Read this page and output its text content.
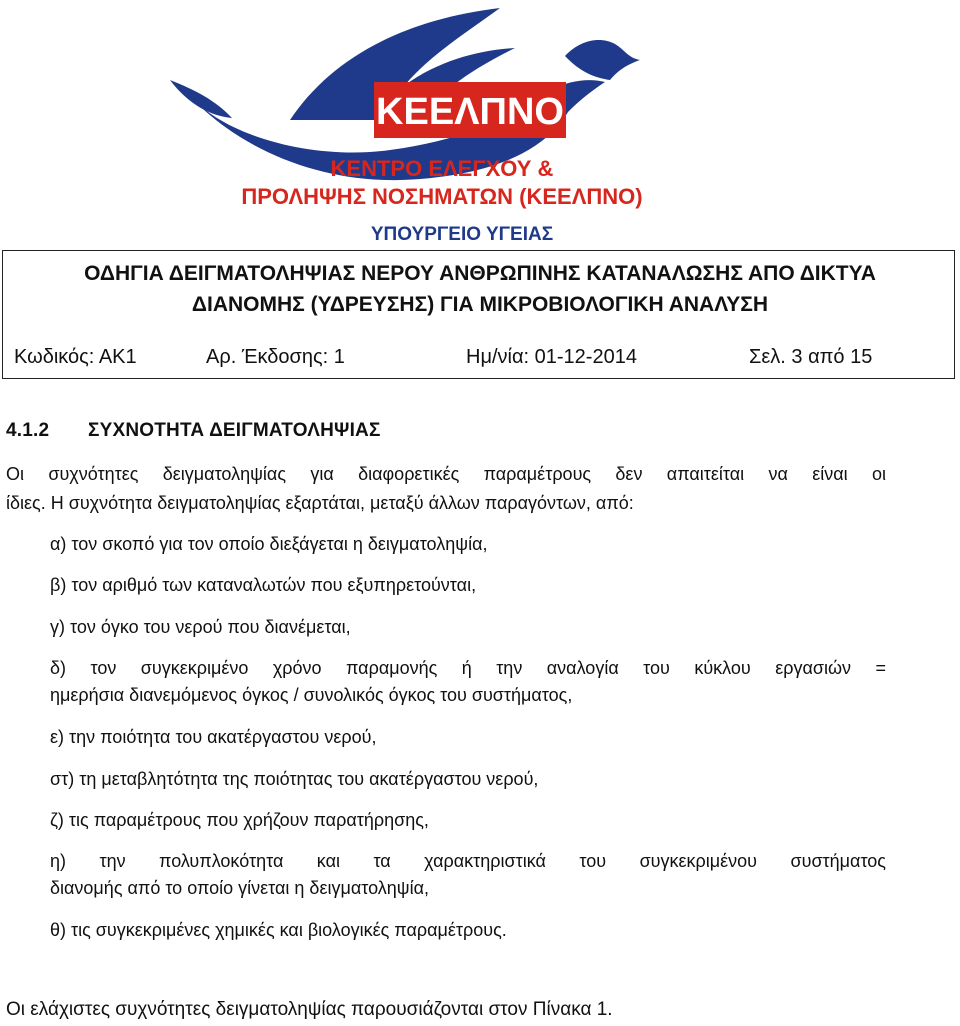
ΚΕΕΛΠΝΟ
ΚΕΝΤΡΟ ΕΛΕΓΧΟΥ &
ΠΡΟΛΗΨΗΣ ΝΟΣΗΜΑΤΩΝ (ΚΕΕΛΠΝΟ)
ΥΠΟΥΡΓΕΙΟ ΥΓΕΙΑΣ
ΟΔΗΓΙΑ ΔΕΙΓΜΑΤΟΛΗΨΙΑΣ ΝΕΡΟΥ ΑΝΘΡΩΠΙΝΗΣ ΚΑΤΑΝΑΛΩΣΗΣ ΑΠΟ ΔΙΚΤΥΑ
ΔΙΑΝΟΜΗΣ (ΥΔΡΕΥΣΗΣ) ΓΙΑ ΜΙΚΡΟΒΙΟΛΟΓΙΚΗ ΑΝΑΛΥΣΗ
Κωδικός: ΑΚ1	Αρ. Έκδοσης: 1	Ημ/νία: 01-12-2014	Σελ. 3 από 15
4.1.2 ΣΥΧΝΟΤΗΤΑ ΔΕΙΓΜΑΤΟΛΗΨΙΑΣ
Οι συχνότητες δειγματοληψίας για διαφορετικές παραμέτρους δεν απαιτείται να είναι οι
ίδιες. Η συχνότητα δειγματοληψίας εξαρτάται, μεταξύ άλλων παραγόντων, από:
α) τον σκοπό για τον οποίο διεξάγεται η δειγματοληψία,
β) τον αριθμό των καταναλωτών που εξυπηρετούνται,
γ) τον όγκο του νερού που διανέμεται,
δ) τον συγκεκριμένο χρόνο παραμονής ή την αναλογία του κύκλου εργασιών =
ημερήσια διανεμόμενος όγκος / συνολικός όγκος του συστήματος,
ε) την ποιότητα του ακατέργαστου νερού,
στ) τη μεταβλητότητα της ποιότητας του ακατέργαστου νερού,
ζ) τις παραμέτρους που χρήζουν παρατήρησης,
η) την πολυπλοκότητα και τα χαρακτηριστικά του συγκεκριμένου συστήματος
διανομής από το οποίο γίνεται η δειγματοληψία,
θ) τις συγκεκριμένες χημικές και βιολογικές παραμέτρους.
Οι ελάχιστες συχνότητες δειγματοληψίας παρουσιάζονται στον Πίνακα 1.
